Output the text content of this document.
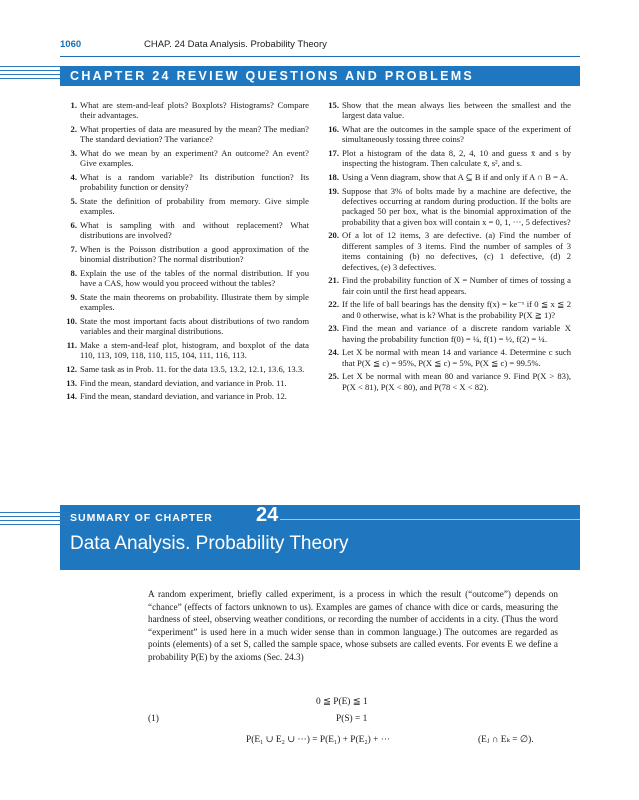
1060	CHAP. 24 Data Analysis. Probability Theory
CHAPTER 24 REVIEW QUESTIONS AND PROBLEMS
1. What are stem-and-leaf plots? Boxplots? Histograms? Compare their advantages.
2. What properties of data are measured by the mean? The median? The standard deviation? The variance?
3. What do we mean by an experiment? An outcome? An event? Give examples.
4. What is a random variable? Its distribution function? Its probability function or density?
5. State the definition of probability from memory. Give simple examples.
6. What is sampling with and without replacement? What distributions are involved?
7. When is the Poisson distribution a good approximation of the binomial distribution? The normal distribution?
8. Explain the use of the tables of the normal distribution. If you have a CAS, how would you proceed without the tables?
9. State the main theorems on probability. Illustrate them by simple examples.
10. State the most important facts about distributions of two random variables and their marginal distributions.
11. Make a stem-and-leaf plot, histogram, and boxplot of the data 110, 113, 109, 118, 110, 115, 104, 111, 116, 113.
12. Same task as in Prob. 11. for the data 13.5, 13.2, 12.1, 13.6, 13.3.
13. Find the mean, standard deviation, and variance in Prob. 11.
14. Find the mean, standard deviation, and variance in Prob. 12.
15. Show that the mean always lies between the smallest and the largest data value.
16. What are the outcomes in the sample space of the experiment of simultaneously tossing three coins?
17. Plot a histogram of the data 8, 2, 4, 10 and guess x̄ and s by inspecting the histogram. Then calculate x̄, s², and s.
18. Using a Venn diagram, show that A ⊆ B if and only if A ∩ B = A.
19. Suppose that 3% of bolts made by a machine are defective, the defectives occurring at random during production. If the bolts are packaged 50 per box, what is the binomial approximation of the probability that a given box will contain x = 0, 1, ···, 5 defectives?
20. Of a lot of 12 items, 3 are defective. (a) Find the number of different samples of 3 items. Find the number of samples of 3 items containing (b) no defectives, (c) 1 defective, (d) 2 defectives, (e) 3 defectives.
21. Find the probability function of X = Number of times of tossing a fair coin until the first head appears.
22. If the life of ball bearings has the density f(x) = ke⁻ˣ if 0 ≦ x ≦ 2 and 0 otherwise, what is k? What is the probability P(X ≧ 1)?
23. Find the mean and variance of a discrete random variable X having the probability function f(0) = ¼, f(1) = ½, f(2) = ¼.
24. Let X be normal with mean 14 and variance 4. Determine c such that P(X ≦ c) = 95%, P(X ≦ c) = 5%, P(X ≦ c) = 99.5%.
25. Let X be normal with mean 80 and variance 9. Find P(X > 83), P(X < 81), P(X < 80), and P(78 < X < 82).
SUMMARY OF CHAPTER 24
Data Analysis. Probability Theory
A random experiment, briefly called experiment, is a process in which the result (“outcome”) depends on “chance” (effects of factors unknown to us). Examples are games of chance with dice or cards, measuring the hardness of steel, observing weather conditions, or recording the number of accidents in a city. (Thus the word “experiment” is used here in a much wider sense than in common language.) The outcomes are regarded as points (elements) of a set S, called the sample space, whose subsets are called events. For events E we define a probability P(E) by the axioms (Sec. 24.3)
0 ≦ P(E) ≦ 1
(1)	P(S) = 1
P(E₁ ∪ E₂ ∪ ···) = P(E₁) + P(E₂) + ···	(Eⱼ ∩ Eₖ = ∅).
